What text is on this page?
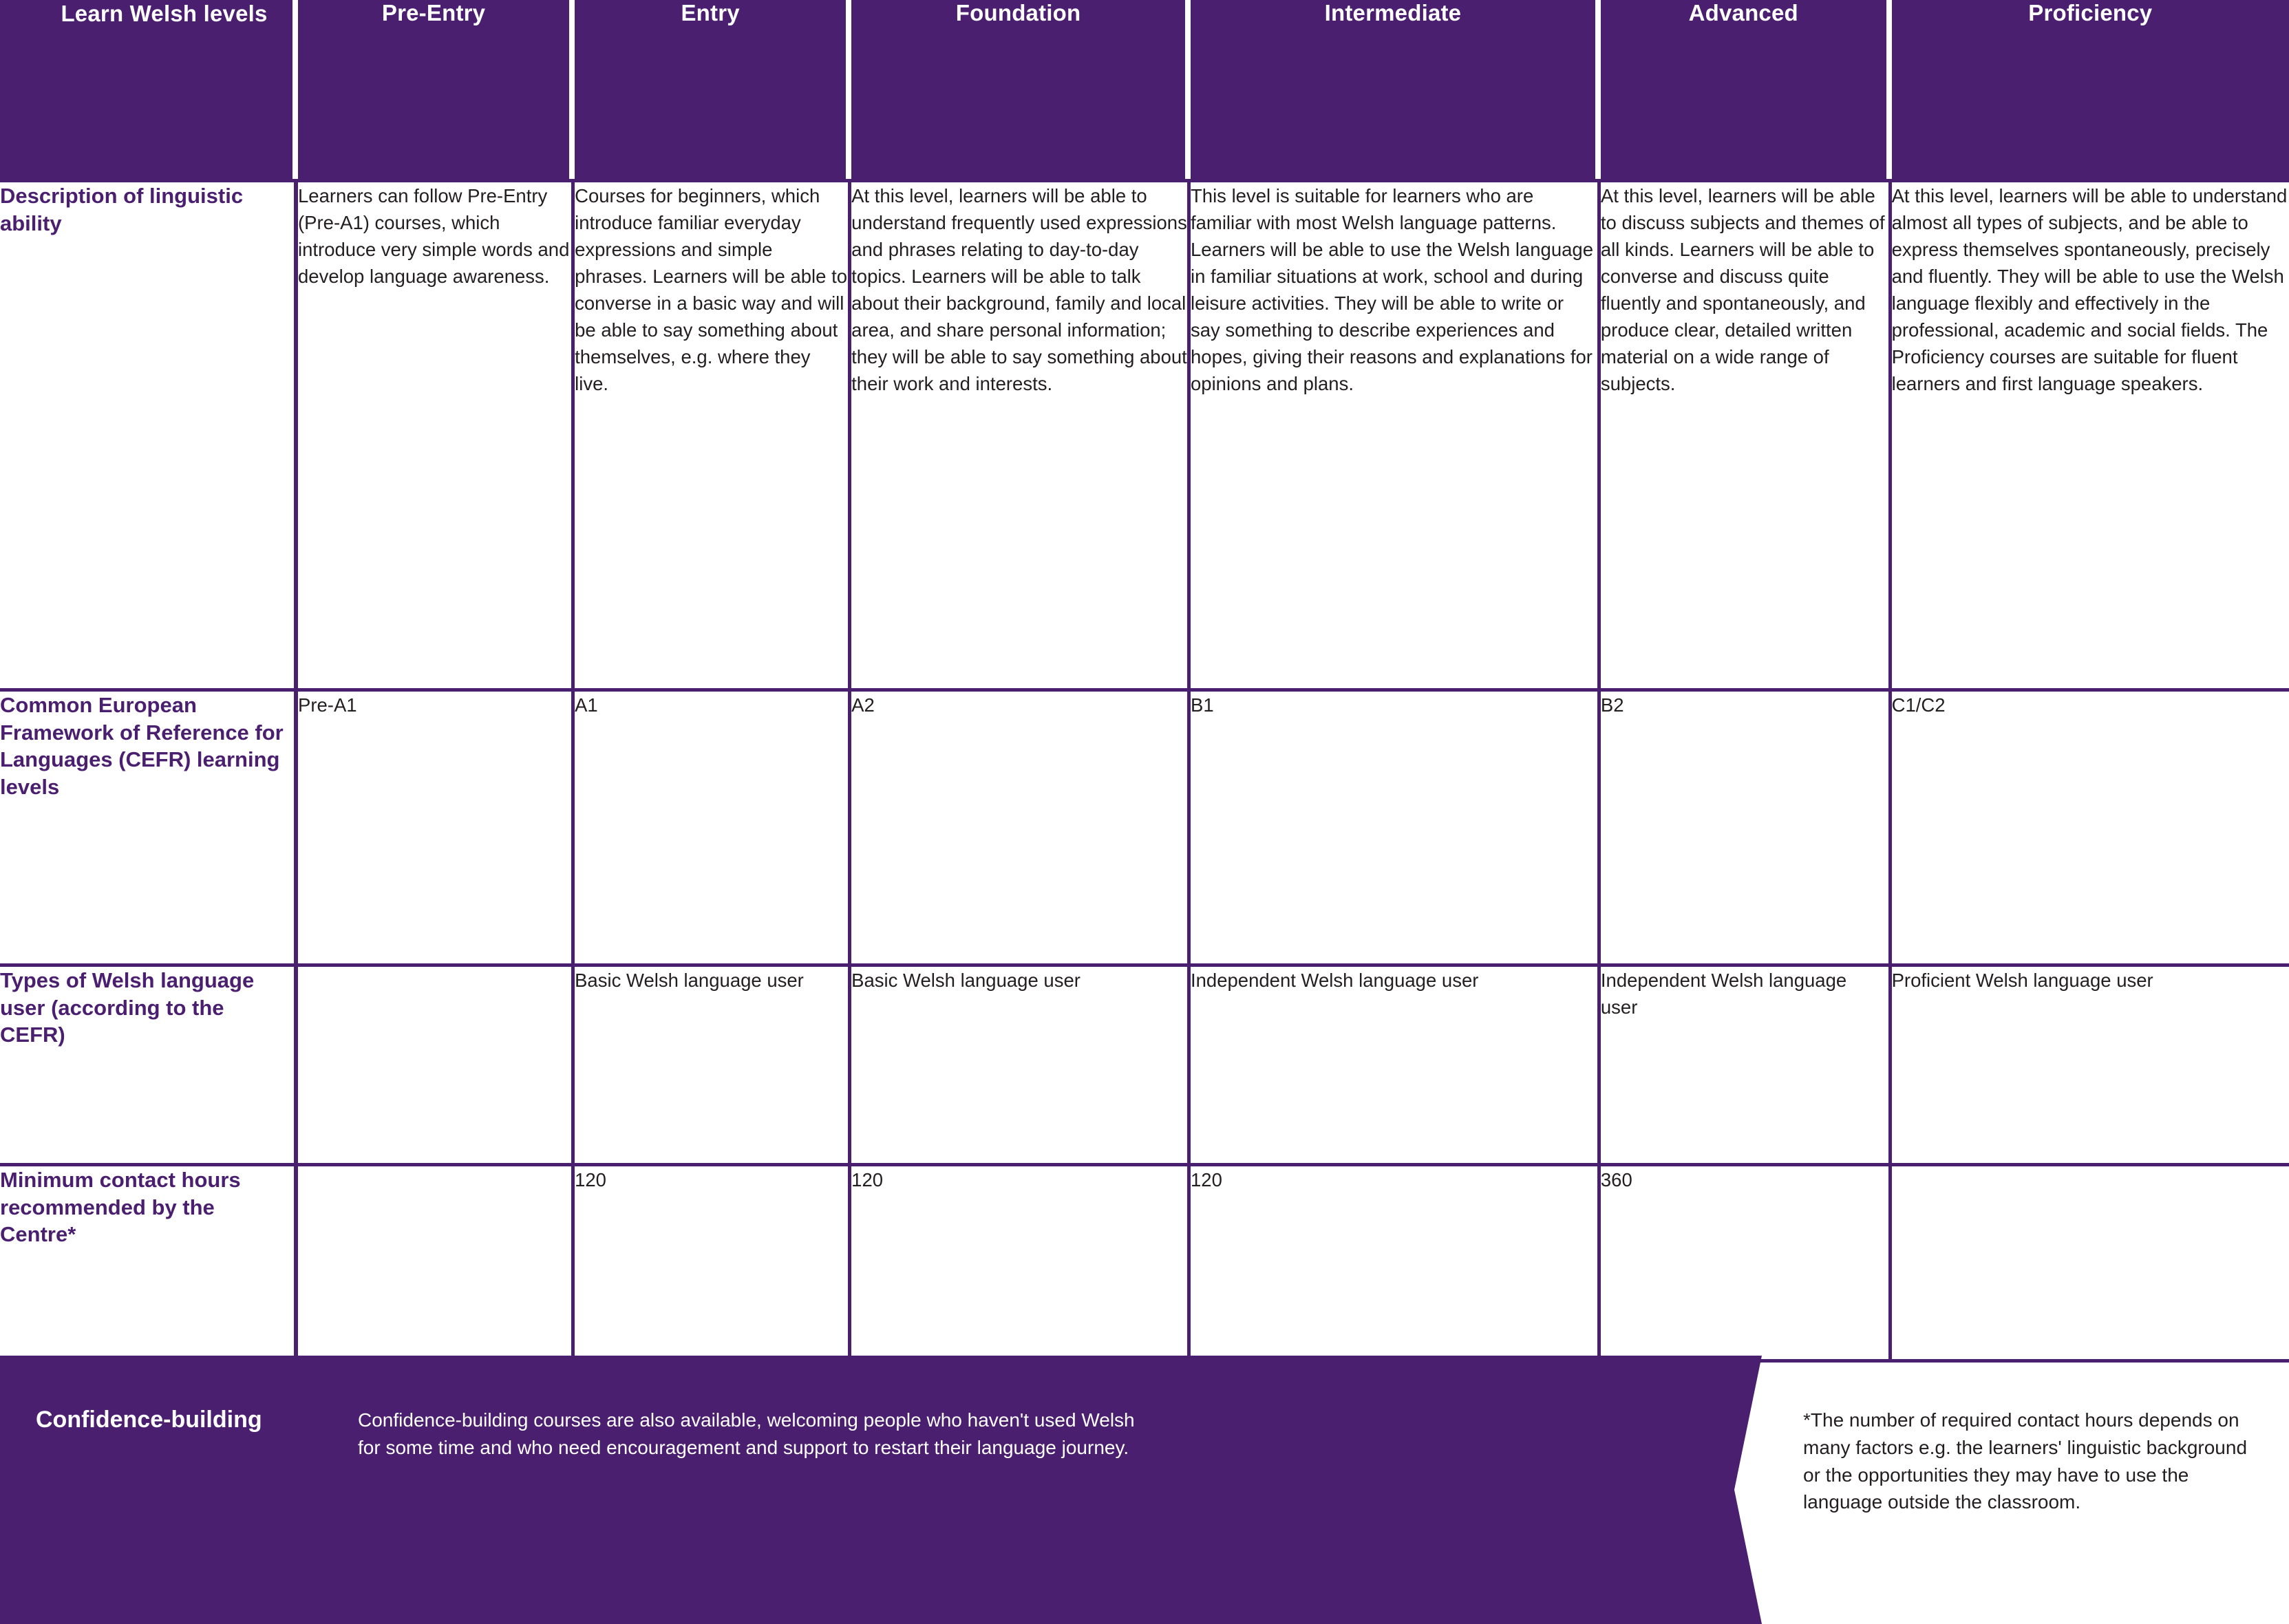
Learn Welsh levels	Pre-Entry	Entry	Foundation	Intermediate	Advanced	Proficiency
Description of linguistic ability	Learners can follow Pre-Entry (Pre-A1) courses, which introduce very simple words and develop language awareness.	Courses for beginners, which introduce familiar everyday expressions and simple phrases. Learners will be able to converse in a basic way and will be able to say something about themselves, e.g. where they live.	At this level, learners will be able to understand frequently used expressions and phrases relating to day-to-day topics. Learners will be able to talk about their background, family and local area, and share personal information; they will be able to say something about their work and interests.	This level is suitable for learners who are familiar with most Welsh language patterns. Learners will be able to use the Welsh language in familiar situations at work, school and during leisure activities. They will be able to write or say something to describe experiences and hopes, giving their reasons and explanations for opinions and plans.	At this level, learners will be able to discuss subjects and themes of all kinds. Learners will be able to converse and discuss quite fluently and spontaneously, and produce clear, detailed written material on a wide range of subjects.	At this level, learners will be able to understand almost all types of subjects, and be able to express themselves spontaneously, precisely and fluently. They will be able to use the Welsh language flexibly and effectively in the professional, academic and social fields. The Proficiency courses are suitable for fluent learners and first language speakers.
Common European Framework of Reference for Languages (CEFR) learning levels	Pre-A1	A1	A2	B1	B2	C1/C2
Types of Welsh language user (according to the CEFR)		Basic Welsh language user	Basic Welsh language user	Independent Welsh language user	Independent Welsh language user	Proficient Welsh language user
Minimum contact hours recommended by the Centre*		120	120	120	360	
Confidence-building	Confidence-building courses are also available, welcoming people who haven't used Welsh for some time and who need encouragement and support to restart their language journey.
*The number of required contact hours depends on many factors e.g. the learners' linguistic background or the opportunities they may have to use the language outside the classroom.
